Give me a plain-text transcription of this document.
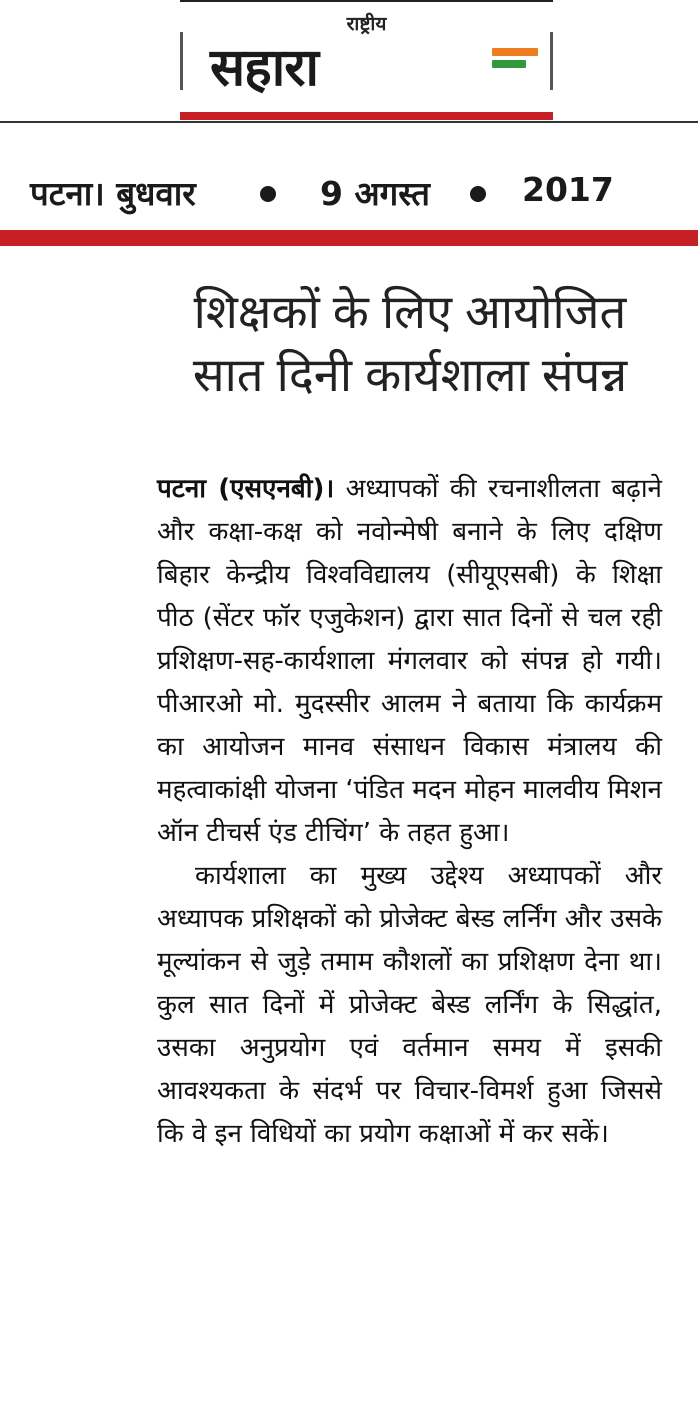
राष्ट्रीय
सहारा
पटना। बुधवार	9 अगस्त	2017
शिक्षकों के लिए आयोजित
सात दिनी कार्यशाला संपन्न

पटना (एसएनबी)। अध्यापकों की रचनाशीलता बढ़ाने और कक्षा-कक्ष को नवोन्मेषी बनाने के लिए दक्षिण बिहार केन्द्रीय विश्वविद्यालय (सीयूएसबी) के शिक्षा पीठ (सेंटर फॉर एजुकेशन) द्वारा सात दिनों से चल रही प्रशिक्षण-सह-कार्यशाला मंगलवार को संपन्न हो गयी। पीआरओ मो. मुदस्सीर आलम ने बताया कि कार्यक्रम का आयोजन मानव संसाधन विकास मंत्रालय की महत्वाकांक्षी योजना ‘पंडित मदन मोहन मालवीय मिशन ऑन टीचर्स एंड टीचिंग’ के तहत हुआ।

कार्यशाला का मुख्य उद्देश्य अध्यापकों और अध्यापक प्रशिक्षकों को प्रोजेक्ट बेस्ड लर्निंग और उसके मूल्यांकन से जुड़े तमाम कौशलों का प्रशिक्षण देना था। कुल सात दिनों में प्रोजेक्ट बेस्ड लर्निंग के सिद्धांत, उसका अनुप्रयोग एवं वर्तमान समय में इसकी आवश्यकता के संदर्भ पर विचार-विमर्श हुआ जिससे कि वे इन विधियों का प्रयोग कक्षाओं में कर सकें।
